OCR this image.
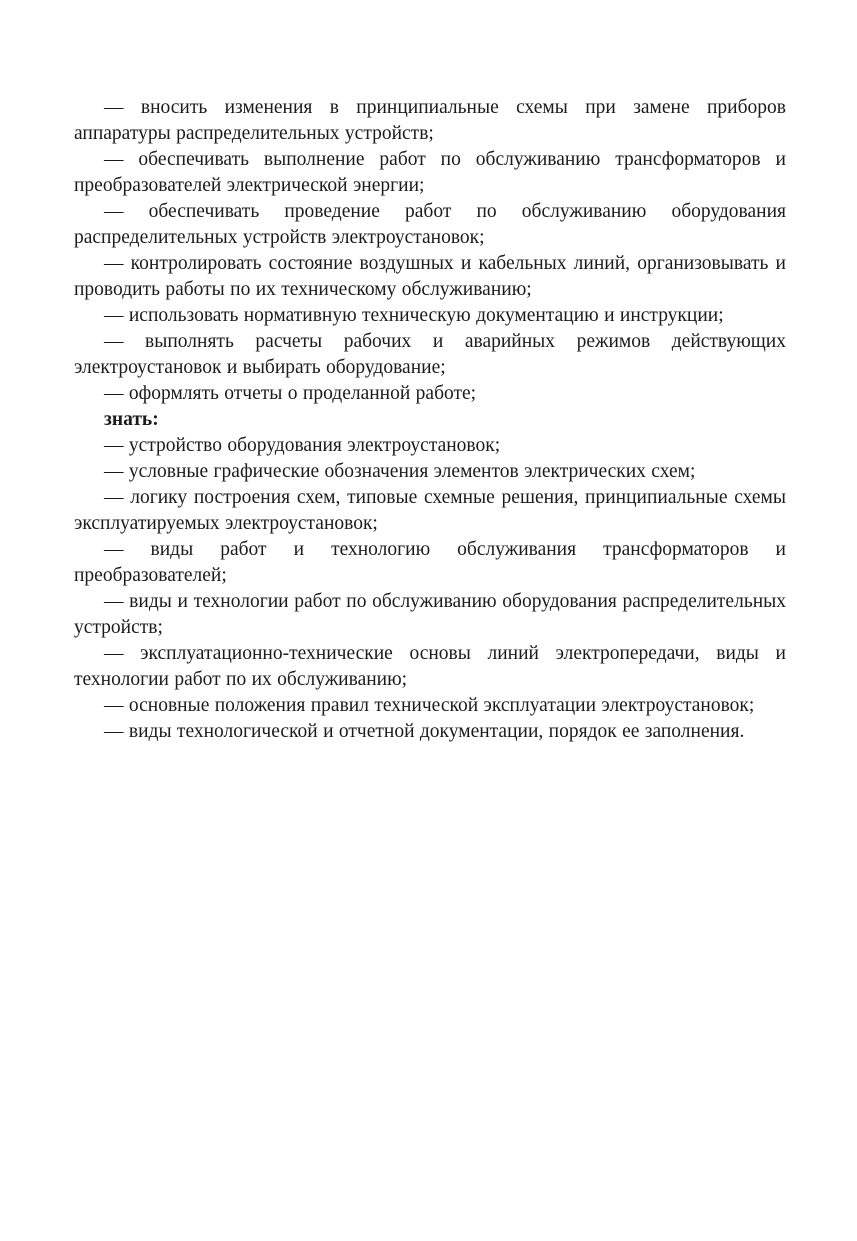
— вносить изменения в принципиальные схемы при замене приборов аппаратуры распределительных устройств;

— обеспечивать выполнение работ по обслуживанию трансформаторов и преобразователей электрической энергии;

— обеспечивать проведение работ по обслуживанию оборудования распределительных устройств электроустановок;

— контролировать состояние воздушных и кабельных линий, организовывать и проводить работы по их техническому обслуживанию;

— использовать нормативную техническую документацию и инструкции;

— выполнять расчеты рабочих и аварийных режимов действующих электроустановок и выбирать оборудование;

— оформлять отчеты о проделанной работе;

знать:

— устройство оборудования электроустановок;

— условные графические обозначения элементов электрических схем;

— логику построения схем, типовые схемные решения, принципиальные схемы эксплуатируемых электроустановок;

— виды работ и технологию обслуживания трансформаторов и преобразователей;

— виды и технологии работ по обслуживанию оборудования распределительных устройств;

— эксплуатационно-технические основы линий электропередачи, виды и технологии работ по их обслуживанию;

— основные положения правил технической эксплуатации электроустановок;

— виды технологической и отчетной документации, порядок ее заполнения.
